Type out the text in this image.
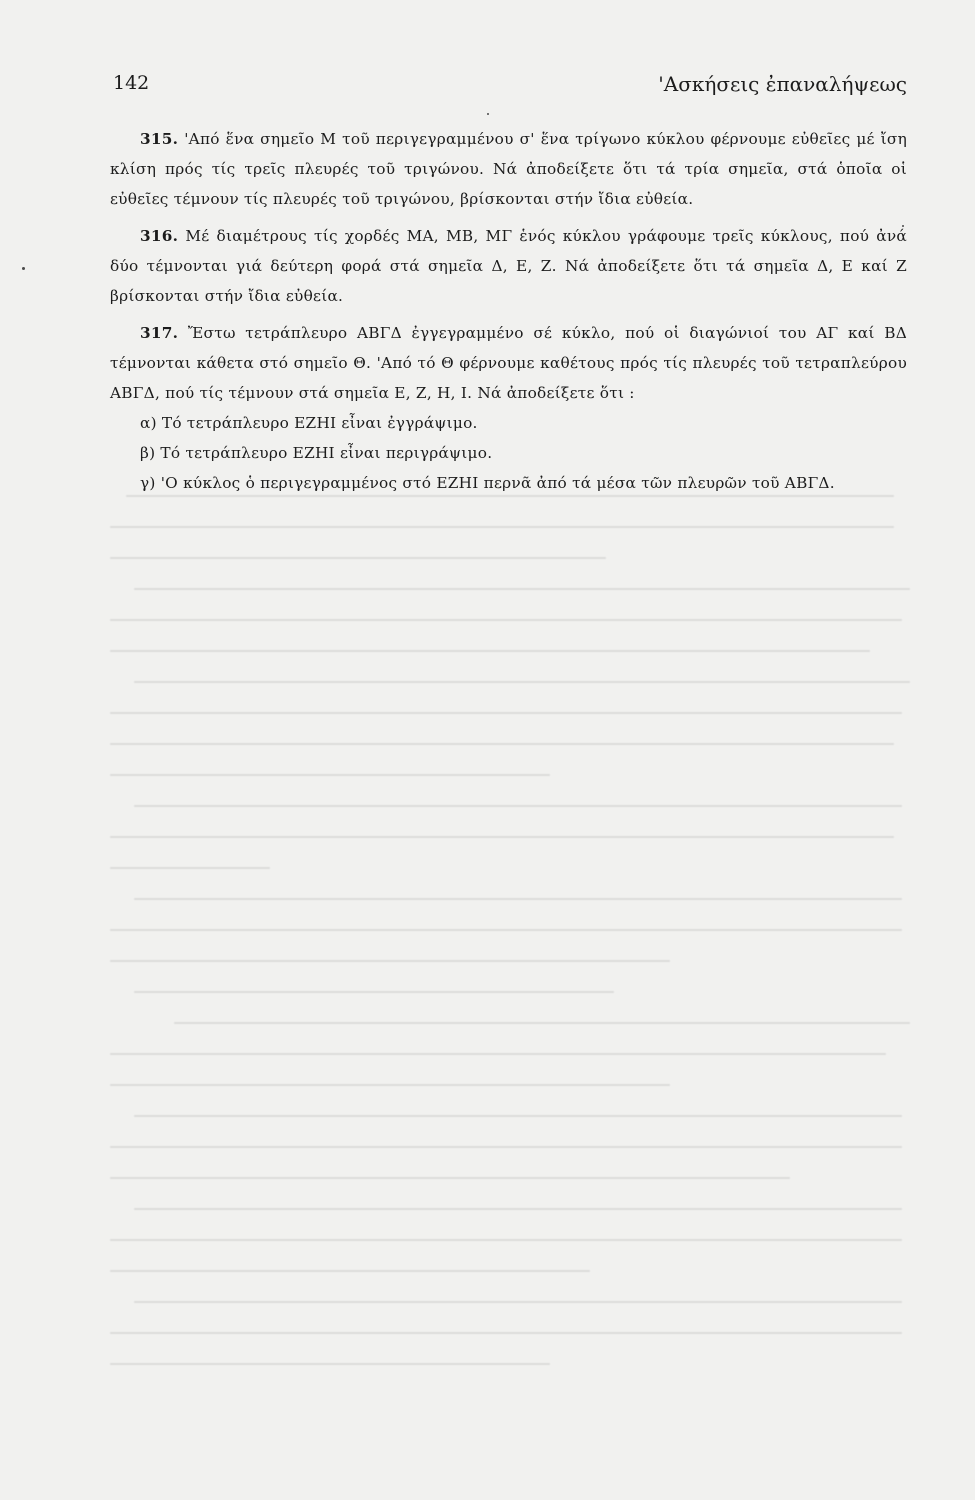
142	'Ασκήσεις ἐπαναλήψεως

315. 'Από ἕνα σημεῖο Μ τοῦ περιγεγραμμένου σ' ἕνα τρίγωνο κύκλου φέρνουμε εὐθεῖες μέ ἴση κλίση πρός τίς τρεῖς πλευρές τοῦ τριγώνου. Νά ἀποδείξετε ὅτι τά τρία σημεῖα, στά ὁποῖα οἱ εὐθεῖες τέμνουν τίς πλευρές τοῦ τριγώνου, βρίσκονται στήν ἴδια εὐθεία.

316. Μέ διαμέτρους τίς χορδές ΜΑ, ΜΒ, ΜΓ ἑνός κύκλου γράφουμε τρεῖς κύκλους, πού ἀνά δύο τέμνονται γιά δεύτερη φορά στά σημεῖα Δ, Ε, Ζ. Νά ἀποδείξετε ὅτι τά σημεῖα Δ, Ε καί Ζ βρίσκονται στήν ἴδια εὐθεία.

317. Ἔστω τετράπλευρο ΑΒΓΔ ἐγγεγραμμένο σέ κύκλο, πού οἱ διαγώνιοί του ΑΓ καί ΒΔ τέμνονται κάθετα στό σημεῖο Θ. 'Από τό Θ φέρνουμε καθέτους πρός τίς πλευρές τοῦ τετραπλεύρου ΑΒΓΔ, πού τίς τέμνουν στά σημεῖα Ε, Ζ, Η, Ι. Νά ἀποδείξετε ὅτι :

α) Τό τετράπλευρο ΕΖΗΙ εἶναι ἐγγράψιμο.

β) Τό τετράπλευρο ΕΖΗΙ εἶναι περιγράψιμο.

γ) 'Ο κύκλος ὁ περιγεγραμμένος στό ΕΖΗΙ περνᾶ ἀπό τά μέσα τῶν πλευρῶν τοῦ ΑΒΓΔ.
